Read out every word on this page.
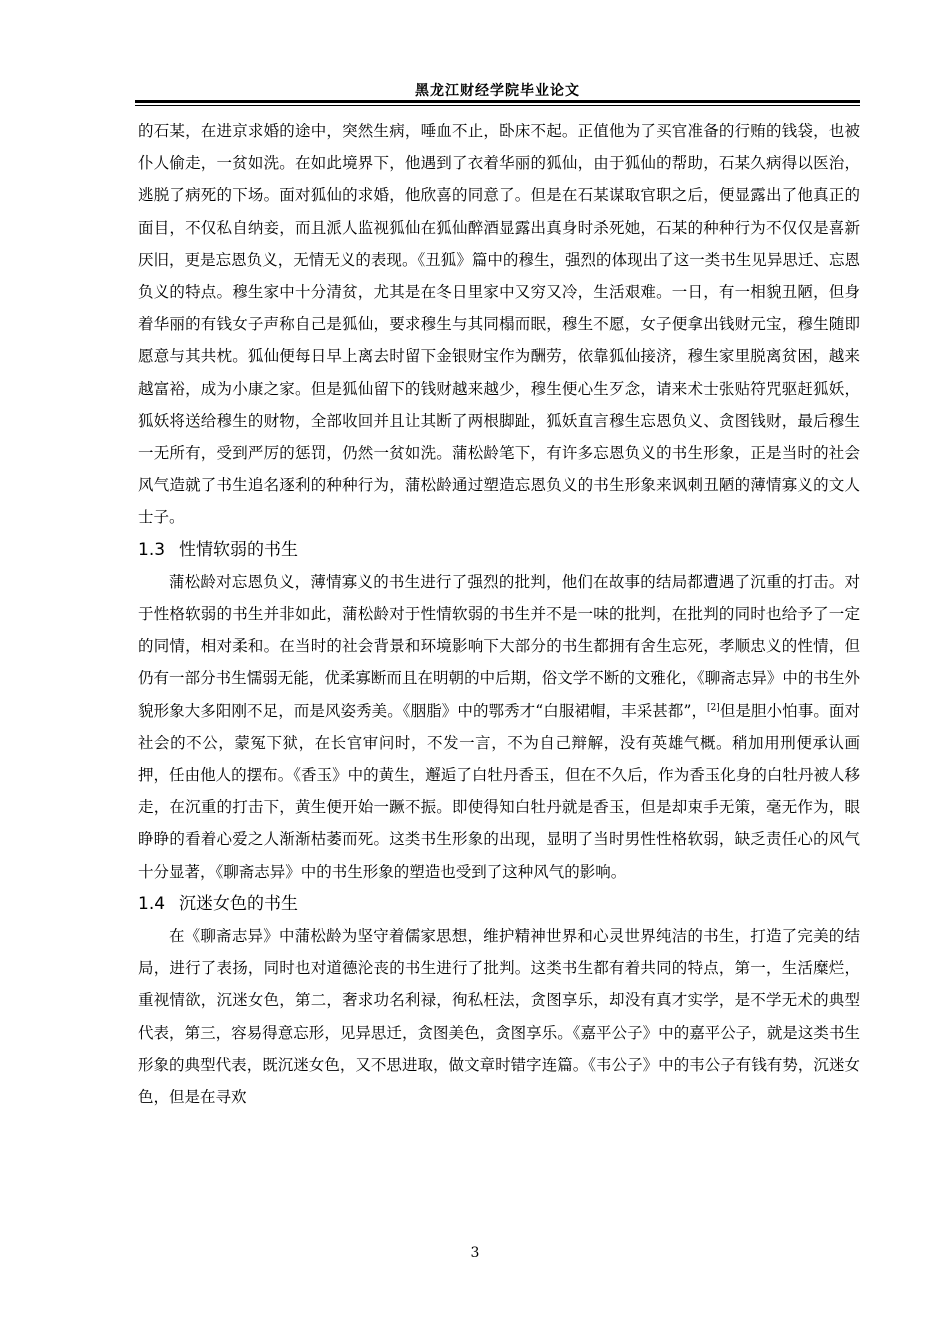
黑龙江财经学院毕业论文

的石某，在进京求婚的途中，突然生病，唾血不止，卧床不起。正值他为了买官准备的行贿的钱袋，也被仆人偷走，一贫如洗。在如此境界下，他遇到了衣着华丽的狐仙，由于狐仙的帮助，石某久病得以医治，逃脱了病死的下场。面对狐仙的求婚，他欣喜的同意了。但是在石某谋取官职之后，便显露出了他真正的面目，不仅私自纳妾，而且派人监视狐仙在狐仙醉酒显露出真身时杀死她，石某的种种行为不仅仅是喜新厌旧，更是忘恩负义，无情无义的表现。《丑狐》篇中的穆生，强烈的体现出了这一类书生见异思迁、忘恩负义的特点。穆生家中十分清贫，尤其是在冬日里家中又穷又冷，生活艰难。一日，有一相貌丑陋，但身着华丽的有钱女子声称自己是狐仙，要求穆生与其同榻而眠，穆生不愿，女子便拿出钱财元宝，穆生随即愿意与其共枕。狐仙便每日早上离去时留下金银财宝作为酬劳，依靠狐仙接济，穆生家里脱离贫困，越来越富裕，成为小康之家。但是狐仙留下的钱财越来越少，穆生便心生歹念，请来术士张贴符咒驱赶狐妖，狐妖将送给穆生的财物，全部收回并且让其断了两根脚趾，狐妖直言穆生忘恩负义、贪图钱财，最后穆生一无所有，受到严厉的惩罚，仍然一贫如洗。蒲松龄笔下，有许多忘恩负义的书生形象，正是当时的社会风气造就了书生追名逐利的种种行为，蒲松龄通过塑造忘恩负义的书生形象来讽刺丑陋的薄情寡义的文人士子。

1.3 性情软弱的书生

蒲松龄对忘恩负义，薄情寡义的书生进行了强烈的批判，他们在故事的结局都遭遇了沉重的打击。对于性格软弱的书生并非如此，蒲松龄对于性情软弱的书生并不是一味的批判，在批判的同时也给予了一定的同情，相对柔和。在当时的社会背景和环境影响下大部分的书生都拥有舍生忘死，孝顺忠义的性情，但仍有一部分书生懦弱无能，优柔寡断而且在明朝的中后期，俗文学不断的文雅化，《聊斋志异》中的书生外貌形象大多阳刚不足，而是风姿秀美。《胭脂》中的鄂秀才“白服裙帽，丰采甚都”，[2]但是胆小怕事。面对社会的不公，蒙冤下狱，在长官审问时，不发一言，不为自己辩解，没有英雄气概。稍加用刑便承认画押，任由他人的摆布。《香玉》中的黄生，邂逅了白牡丹香玉，但在不久后，作为香玉化身的白牡丹被人移走，在沉重的打击下，黄生便开始一蹶不振。即使得知白牡丹就是香玉，但是却束手无策，毫无作为，眼睁睁的看着心爱之人渐渐枯萎而死。这类书生形象的出现，显明了当时男性性格软弱，缺乏责任心的风气十分显著，《聊斋志异》中的书生形象的塑造也受到了这种风气的影响。

1.4 沉迷女色的书生

在《聊斋志异》中蒲松龄为坚守着儒家思想，维护精神世界和心灵世界纯洁的书生，打造了完美的结局，进行了表扬，同时也对道德沦丧的书生进行了批判。这类书生都有着共同的特点，第一，生活糜烂，重视情欲，沉迷女色，第二，奢求功名利禄，徇私枉法，贪图享乐，却没有真才实学，是不学无术的典型代表，第三，容易得意忘形，见异思迁，贪图美色，贪图享乐。《嘉平公子》中的嘉平公子，就是这类书生形象的典型代表，既沉迷女色，又不思进取，做文章时错字连篇。《韦公子》中的韦公子有钱有势，沉迷女色，但是在寻欢

3
